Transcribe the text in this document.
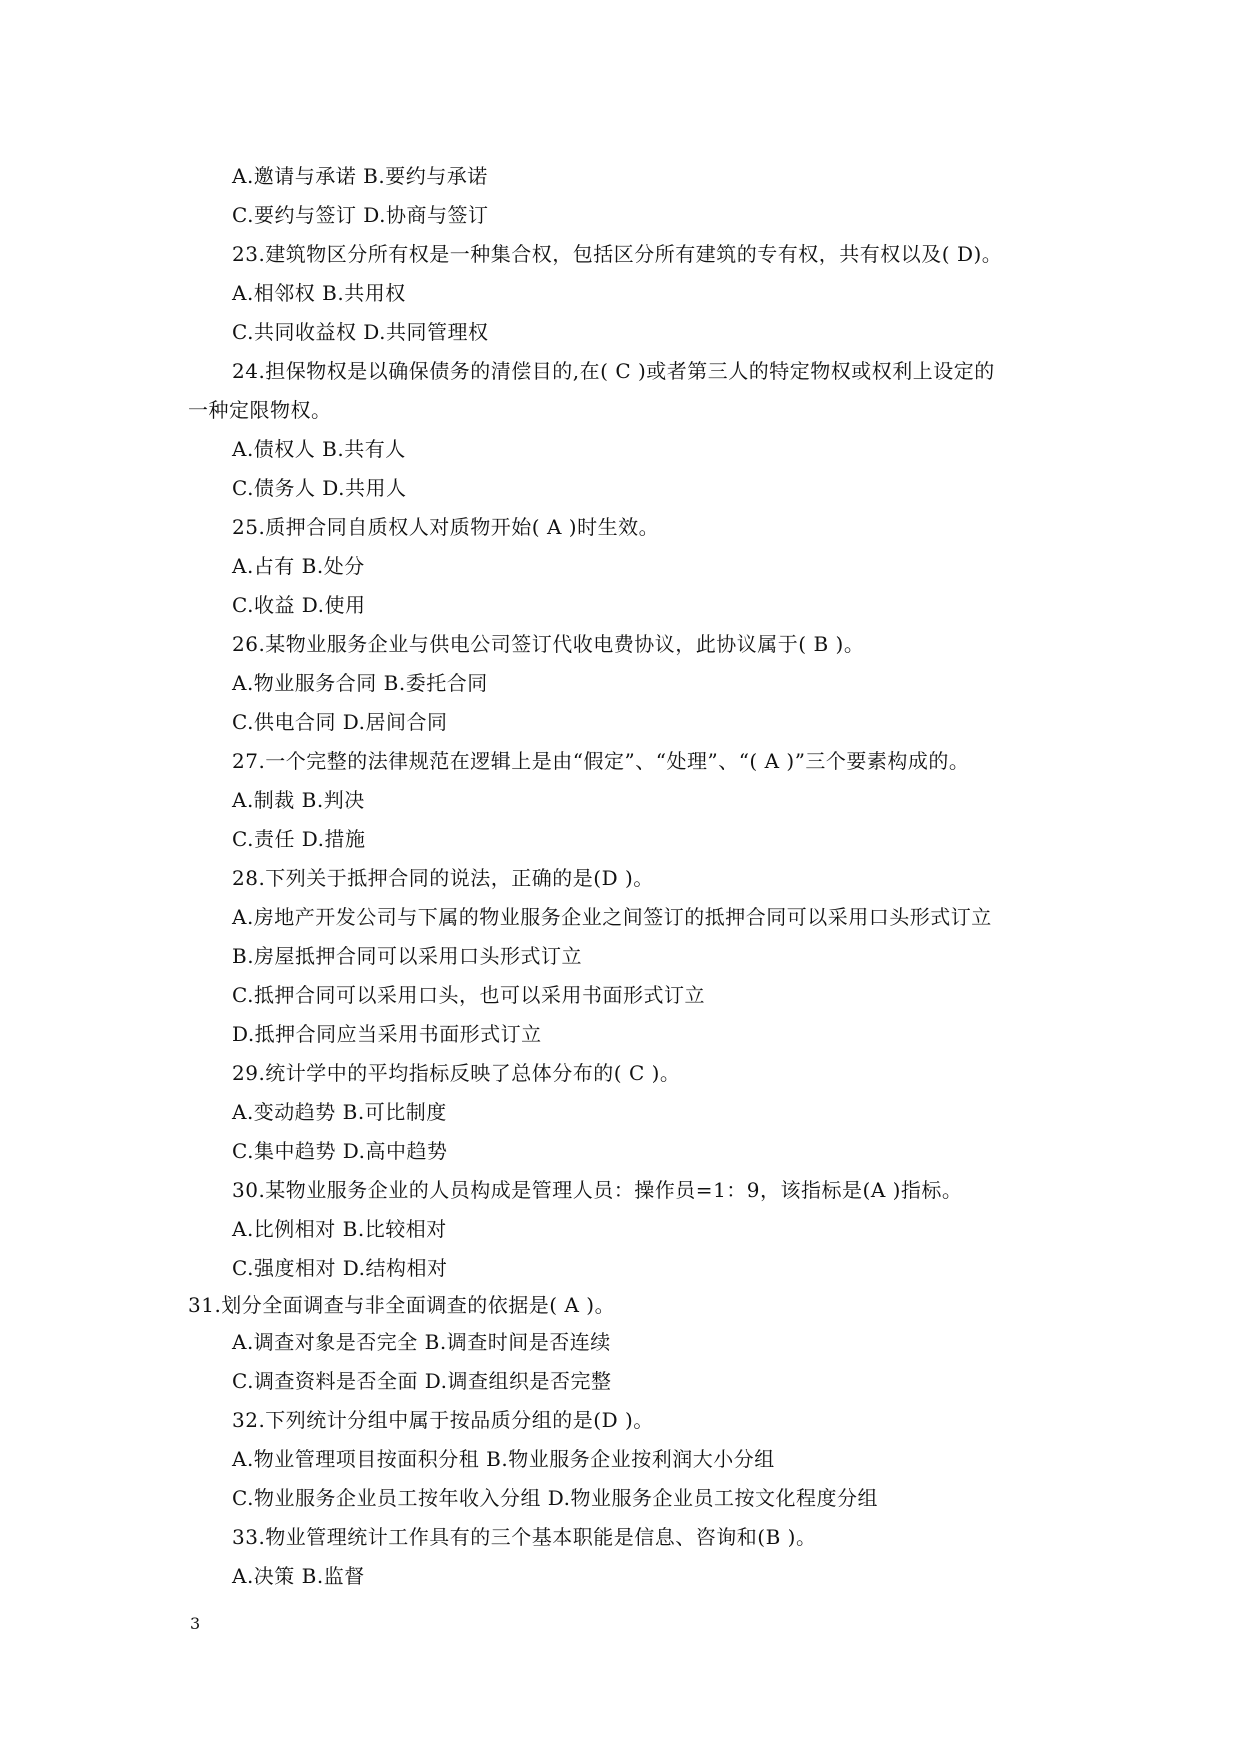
A.邀请与承诺 B.要约与承诺
C.要约与签订 D.协商与签订
23.建筑物区分所有权是一种集合权，包括区分所有建筑的专有权，共有权以及( D)。
A.相邻权 B.共用权
C.共同收益权 D.共同管理权
24.担保物权是以确保债务的清偿目的,在( C )或者第三人的特定物权或权利上设定的
一种定限物权。
A.债权人 B.共有人
C.债务人 D.共用人
25.质押合同自质权人对质物开始( A )时生效。
A.占有 B.处分
C.收益 D.使用
26.某物业服务企业与供电公司签订代收电费协议，此协议属于( B )。
A.物业服务合同 B.委托合同
C.供电合同 D.居间合同
27.一个完整的法律规范在逻辑上是由“假定”、“处理”、“( A )”三个要素构成的。
A.制裁 B.判决
C.责任 D.措施
28.下列关于抵押合同的说法，正确的是(D )。
A.房地产开发公司与下属的物业服务企业之间签订的抵押合同可以采用口头形式订立
B.房屋抵押合同可以采用口头形式订立
C.抵押合同可以采用口头，也可以采用书面形式订立
D.抵押合同应当采用书面形式订立
29.统计学中的平均指标反映了总体分布的( C )。
A.变动趋势 B.可比制度
C.集中趋势 D.高中趋势
30.某物业服务企业的人员构成是管理人员：操作员=1：9，该指标是(A )指标。
A.比例相对 B.比较相对
C.强度相对 D.结构相对
31.划分全面调查与非全面调查的依据是( A )。
A.调查对象是否完全 B.调查时间是否连续
C.调查资料是否全面 D.调查组织是否完整
32.下列统计分组中属于按品质分组的是(D )。
A.物业管理项目按面积分租 B.物业服务企业按利润大小分组
C.物业服务企业员工按年收入分组 D.物业服务企业员工按文化程度分组
33.物业管理统计工作具有的三个基本职能是信息、咨询和(B )。
A.决策 B.监督
3
